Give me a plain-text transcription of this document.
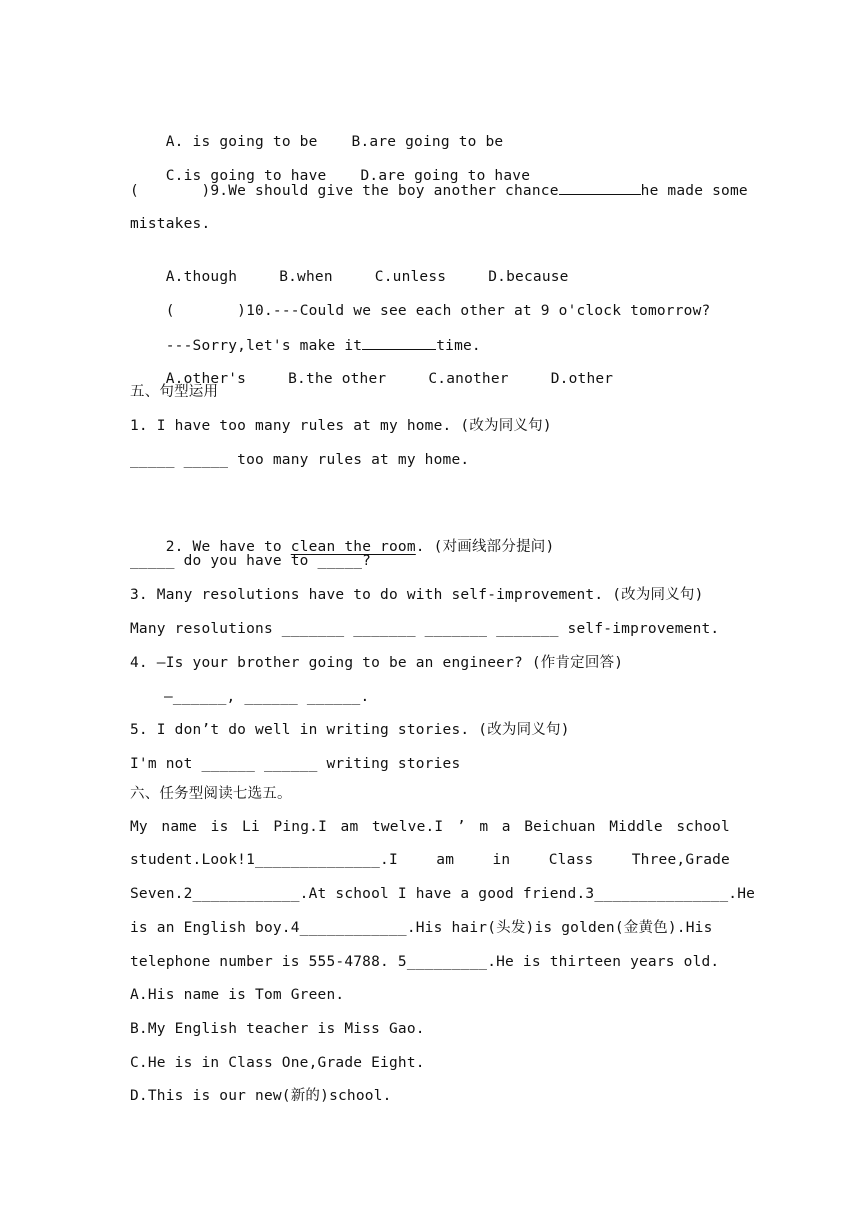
A. is going to be B.are going to be

C.is going to have D.are going to have

(       )9.We should give the boy another chance	he made some
mistakes.

A.though	B.when	C.unless	D.because

(       )10.---Could we see each other at 9 o'clock tomorrow?

---Sorry,let's make it	time.

A.other's	B.the other	C.another	D.other

五、句型运用
1. I have too many rules at my home. (改为同义句)
_____ _____ too many rules at my home.

2. We have to clean the room. (对画线部分提问)

_____ do you have to _____?
3. Many resolutions have to do with self-improvement. (改为同义句)
Many resolutions _______ _______ _______ _______ self-improvement.
4. —Is your brother going to be an engineer? (作肯定回答)
—______, ______ ______.
5. I don’t do well in writing stories. (改为同义句)
I'm not ______ ______ writing stories
六、任务型阅读七选五。
My name is Li Ping.I am twelve.I ’ m a Beichuan Middle school
student.Look!1______________.I	am	in	Class	Three,Grade
Seven.2____________.At school I have a good friend.3_______________.He
is an English boy.4____________.His hair(头发)is golden(金黄色).His
telephone number is 555-4788. 5_________.He is thirteen years old.
A.His name is Tom Green.
B.My English teacher is Miss Gao.
C.He is in Class One,Grade Eight.
D.This is our new(新的)school.
